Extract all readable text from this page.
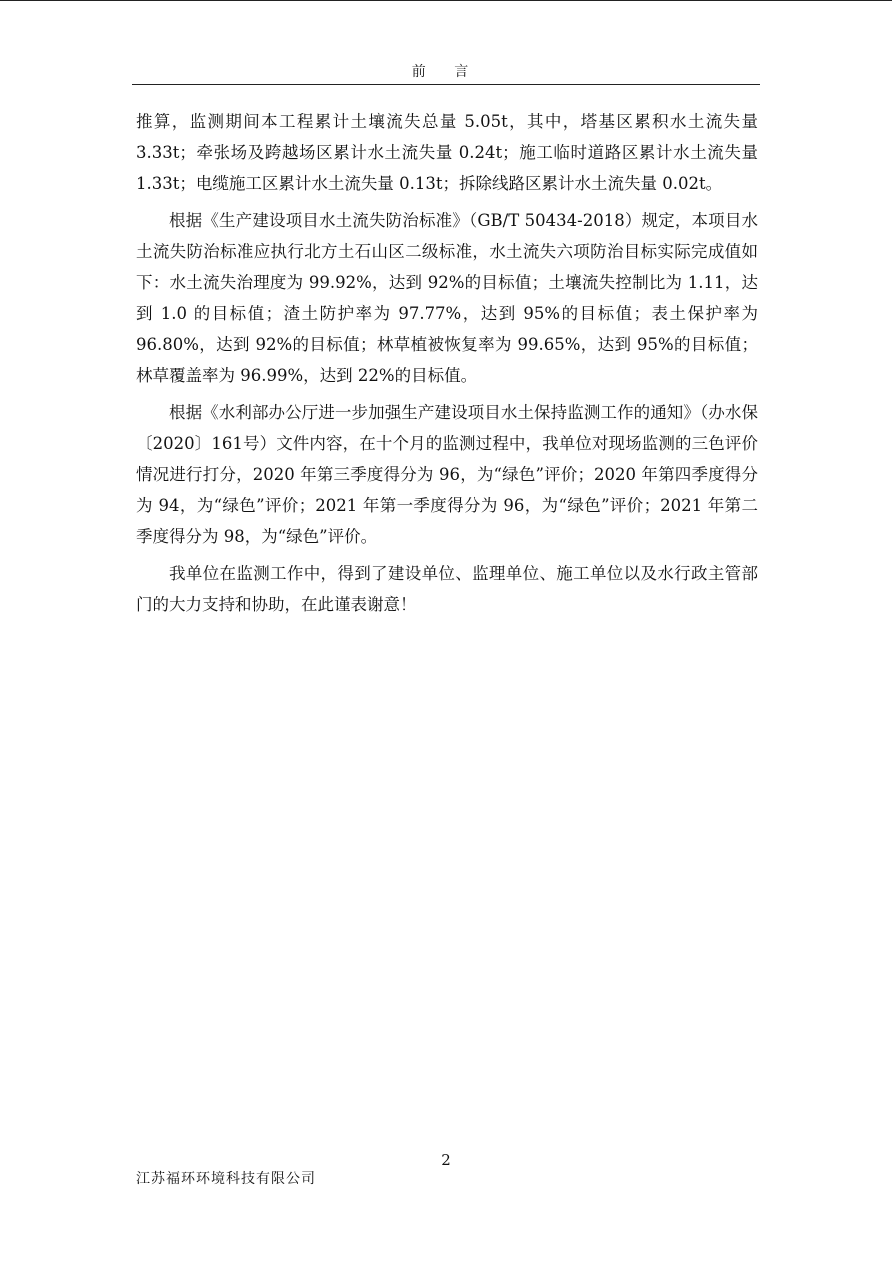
前 言

推算，监测期间本工程累计土壤流失总量 5.05t，其中，塔基区累积水土流失量 3.33t；牵张场及跨越场区累计水土流失量 0.24t；施工临时道路区累计水土流失量 1.33t；电缆施工区累计水土流失量 0.13t；拆除线路区累计水土流失量 0.02t。

根据《生产建设项目水土流失防治标准》（GB/T 50434-2018）规定，本项目水土流失防治标准应执行北方土石山区二级标准，水土流失六项防治目标实际完成值如下：水土流失治理度为 99.92%，达到 92%的目标值；土壤流失控制比为 1.11，达到 1.0 的目标值；渣土防护率为 97.77%，达到 95%的目标值；表土保护率为 96.80%，达到 92%的目标值；林草植被恢复率为 99.65%，达到 95%的目标值；林草覆盖率为 96.99%，达到 22%的目标值。

根据《水利部办公厅进一步加强生产建设项目水土保持监测工作的通知》（办水保〔2020〕161号）文件内容，在十个月的监测过程中，我单位对现场监测的三色评价情况进行打分，2020 年第三季度得分为 96，为“绿色”评价；2020 年第四季度得分为 94，为“绿色”评价；2021 年第一季度得分为 96，为“绿色”评价；2021 年第二季度得分为 98，为“绿色”评价。

我单位在监测工作中，得到了建设单位、监理单位、施工单位以及水行政主管部门的大力支持和协助，在此谨表谢意！

2
江苏福环环境科技有限公司
